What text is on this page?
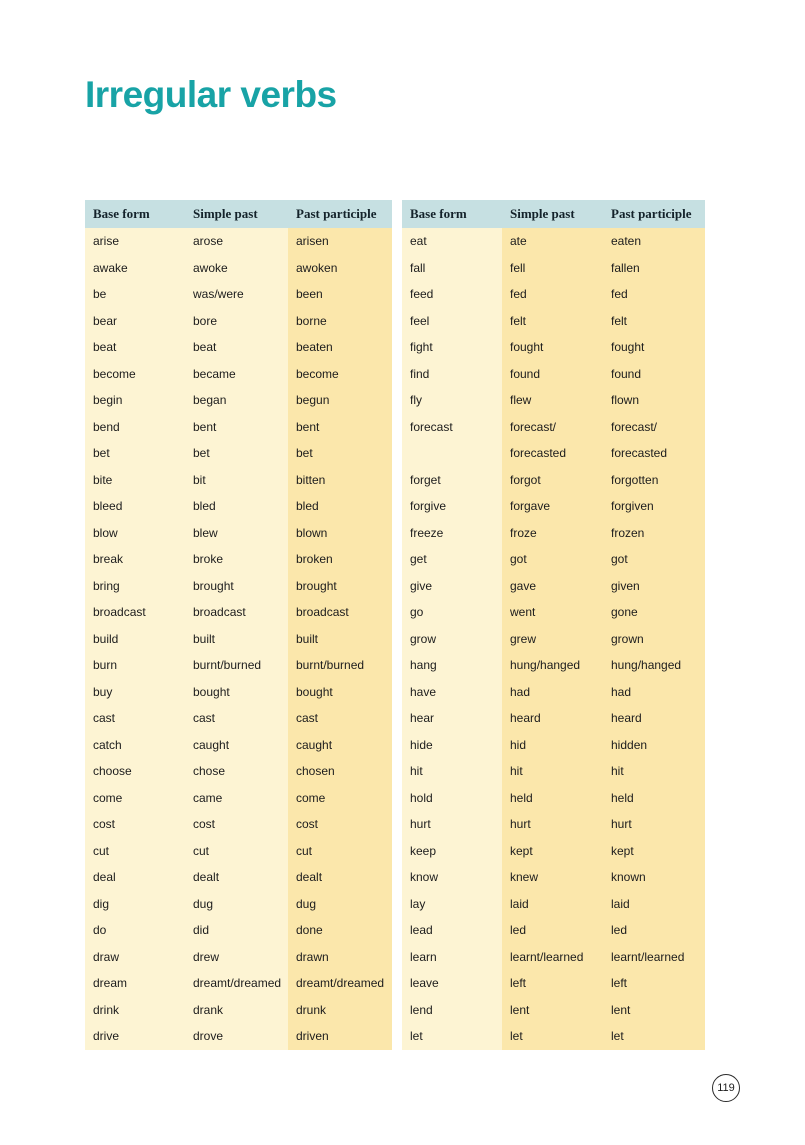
Irregular verbs
Base form	Simple past	Past participle
arise	arose	arisen
awake	awoke	awoken
be	was/were	been
bear	bore	borne
beat	beat	beaten
become	became	become
begin	began	begun
bend	bent	bent
bet	bet	bet
bite	bit	bitten
bleed	bled	bled
blow	blew	blown
break	broke	broken
bring	brought	brought
broadcast	broadcast	broadcast
build	built	built
burn	burnt/burned	burnt/burned
buy	bought	bought
cast	cast	cast
catch	caught	caught
choose	chose	chosen
come	came	come
cost	cost	cost
cut	cut	cut
deal	dealt	dealt
dig	dug	dug
do	did	done
draw	drew	drawn
dream	dreamt/dreamed	dreamt/dreamed
drink	drank	drunk
drive	drove	driven
Base form	Simple past	Past participle
eat	ate	eaten
fall	fell	fallen
feed	fed	fed
feel	felt	felt
fight	fought	fought
find	found	found
fly	flew	flown
forecast	forecast/	forecast/
	forecasted	forecasted
forget	forgot	forgotten
forgive	forgave	forgiven
freeze	froze	frozen
get	got	got
give	gave	given
go	went	gone
grow	grew	grown
hang	hung/hanged	hung/hanged
have	had	had
hear	heard	heard
hide	hid	hidden
hit	hit	hit
hold	held	held
hurt	hurt	hurt
keep	kept	kept
know	knew	known
lay	laid	laid
lead	led	led
learn	learnt/learned	learnt/learned
leave	left	left
lend	lent	lent
let	let	let
119
